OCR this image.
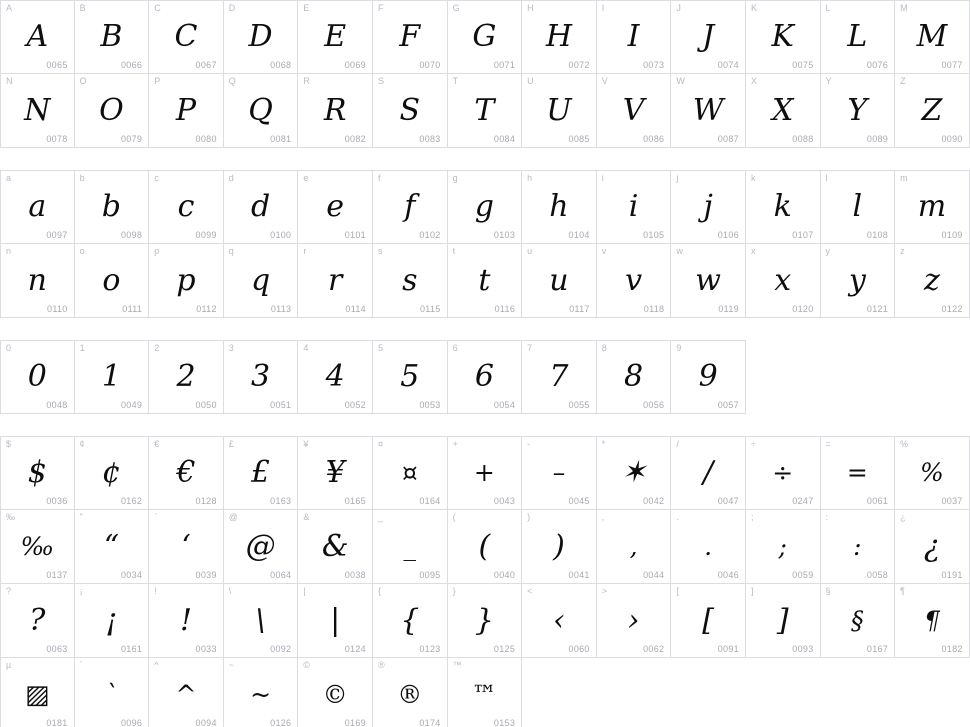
A
A
0065
B
B
0066
C
C
0067
D
D
0068
E
E
0069
F
F
0070
G
G
0071
H
H
0072
I
I
0073
J
J
0074
K
K
0075
L
L
0076
M
M
0077
N
N
0078
O
O
0079
P
P
0080
Q
Q
0081
R
R
0082
S
S
0083
T
T
0084
U
U
0085
V
V
0086
W
W
0087
X
X
0088
Y
Y
0089
Z
Z
0090
a
a
0097
b
b
0098
c
c
0099
d
d
0100
e
e
0101
f
f
0102
g
g
0103
h
h
0104
i
i
0105
j
j
0106
k
k
0107
l
l
0108
m
m
0109
n
n
0110
o
o
0111
p
p
0112
q
q
0113
r
r
0114
s
s
0115
t
t
0116
u
u
0117
v
v
0118
w
w
0119
x
x
0120
y
y
0121
z
z
0122
0
0
0048
1
1
0049
2
2
0050
3
3
0051
4
4
0052
5
5
0053
6
6
0054
7
7
0055
8
8
0056
9
9
0057
$
$
0036
¢
¢
0162
€
€
0128
£
£
0163
¥
¥
0165
¤
¤
0164
+
+
0043
-
–
0045
*
✶
0042
/
/
0047
÷
÷
0247
=
=
0061
%
%
0037
‰
‰
0137
"
“
0034
`
‘
0039
@
@
0064
&
&
0038
_
_
0095
(
(
0040
)
)
0041
,
,
0044
.
.
0046
;
;
0059
:
:
0058
¿
¿
0191
?
?
0063
¡
¡
0161
!
!
0033
\
\
0092
|
|
0124
{
{
0123
}
}
0125
<
‹
0060
>
›
0062
[
[
0091
]
]
0093
§
§
0167
¶
¶
0182
µ
▨
0181
`
`
0096
^
^
0094
~
~
0126
©
©
0169
®
®
0174
™
™
0153
